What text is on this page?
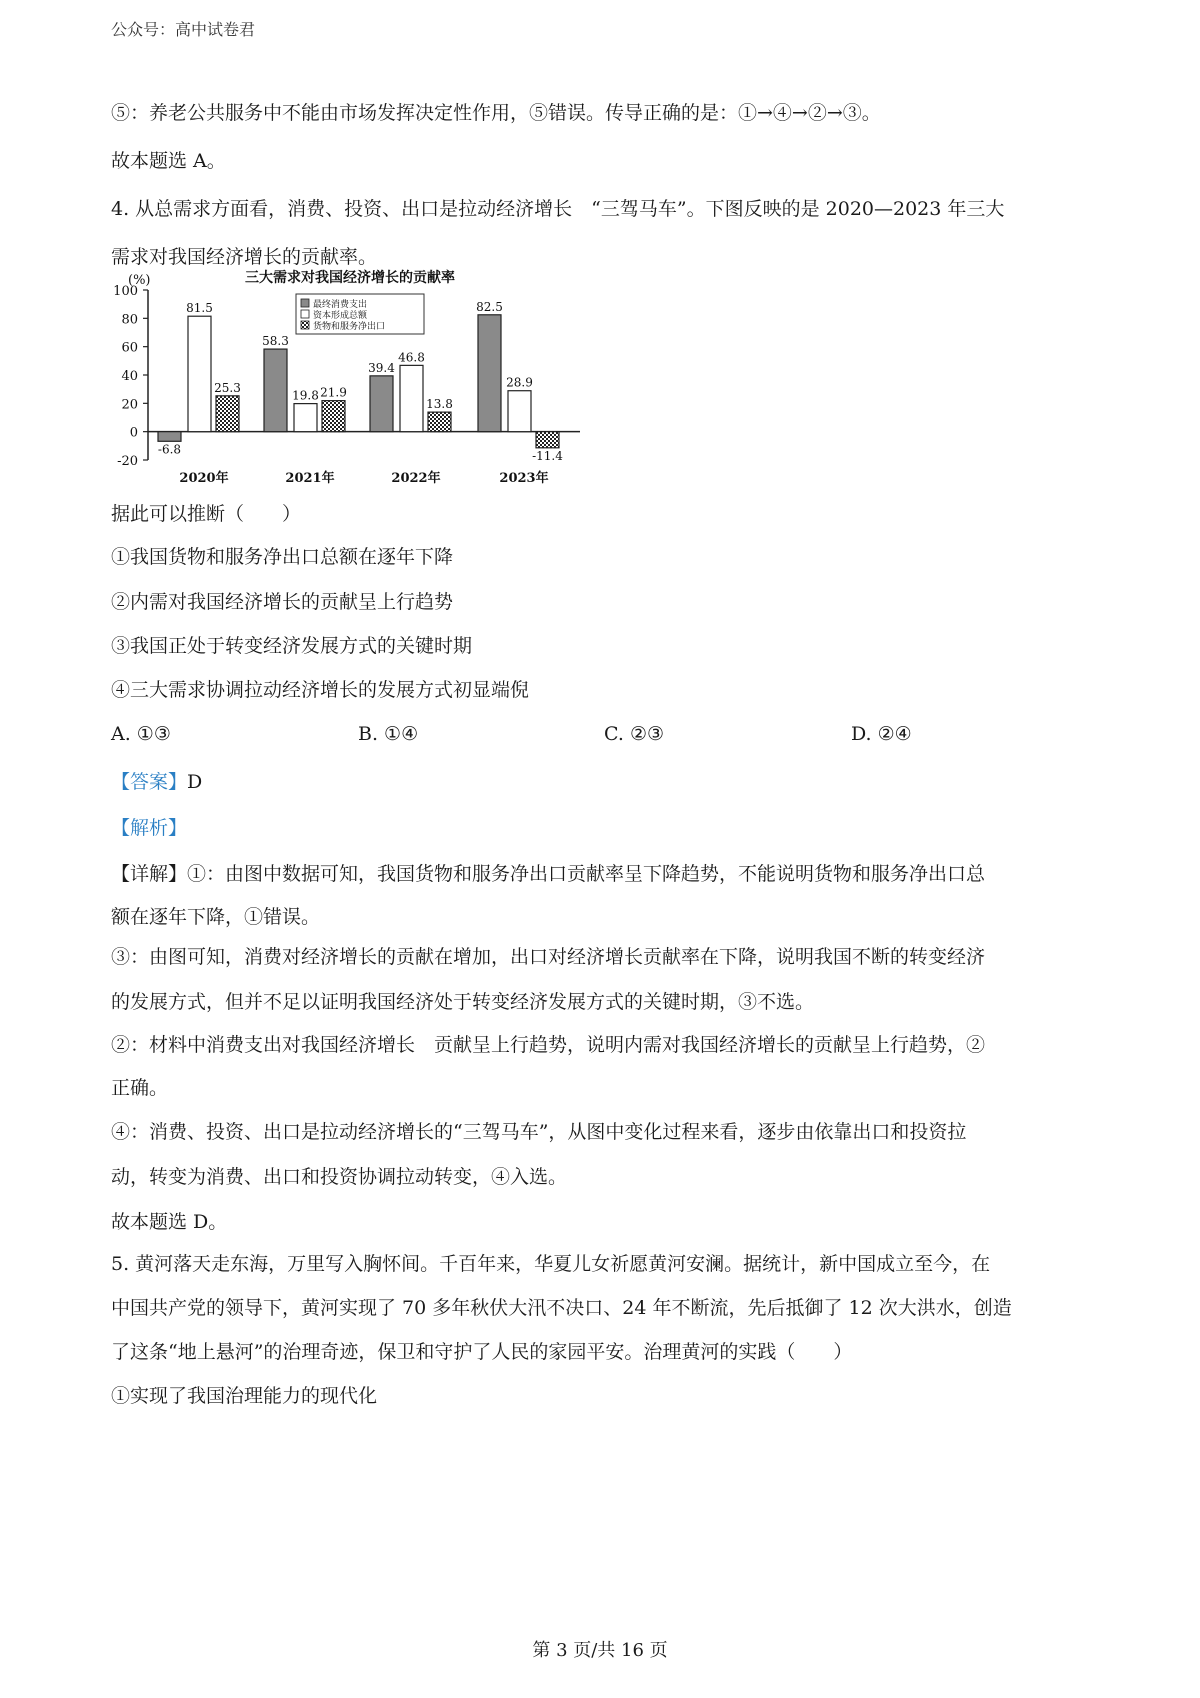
公众号：高中试卷君
⑤：养老公共服务中不能由市场发挥决定性作用，⑤错误。传导正确的是：①→④→②→③。
故本题选 A。
4. 从总需求方面看，消费、投资、出口是拉动经济增长　“三驾马车”。下图反映的是 2020—2023 年三大
需求对我国经济增长的贡献率。
100
80
60
40
20
0
-20
(%)	三大需求对我国经济增长的贡献率
最终消费支出
资本形成总额
货物和服务净出口
-6.8
81.5
25.3
2020年
58.3
19.8 21.9
2021年
39.4
46.8
13.8
2022年
82.5
28.9
-11.4
2023年
据此可以推断（　　）
①我国货物和服务净出口总额在逐年下降
②内需对我国经济增长的贡献呈上行趋势
③我国正处于转变经济发展方式的关键时期
④三大需求协调拉动经济增长的发展方式初显端倪
A. ①③	B. ①④	C. ②③	D. ②④
【答案】D
【解析】
【详解】①：由图中数据可知，我国货物和服务净出口贡献率呈下降趋势，不能说明货物和服务净出口总
额在逐年下降，①错误。
③：由图可知，消费对经济增长的贡献在增加，出口对经济增长贡献率在下降，说明我国不断的转变经济
的发展方式，但并不足以证明我国经济处于转变经济发展方式的关键时期，③不选。
②：材料中消费支出对我国经济增长　贡献呈上行趋势，说明内需对我国经济增长的贡献呈上行趋势，②
正确。
④：消费、投资、出口是拉动经济增长的“三驾马车”，从图中变化过程来看，逐步由依靠出口和投资拉
动，转变为消费、出口和投资协调拉动转变，④入选。
故本题选 D。
5. 黄河落天走东海，万里写入胸怀间。千百年来，华夏儿女祈愿黄河安澜。据统计，新中国成立至今，在
中国共产党的领导下，黄河实现了 70 多年秋伏大汛不决口、24 年不断流，先后抵御了 12 次大洪水，创造
了这条“地上悬河”的治理奇迹，保卫和守护了人民的家园平安。治理黄河的实践（　　）
①实现了我国治理能力的现代化
第 3 页/共 16 页
